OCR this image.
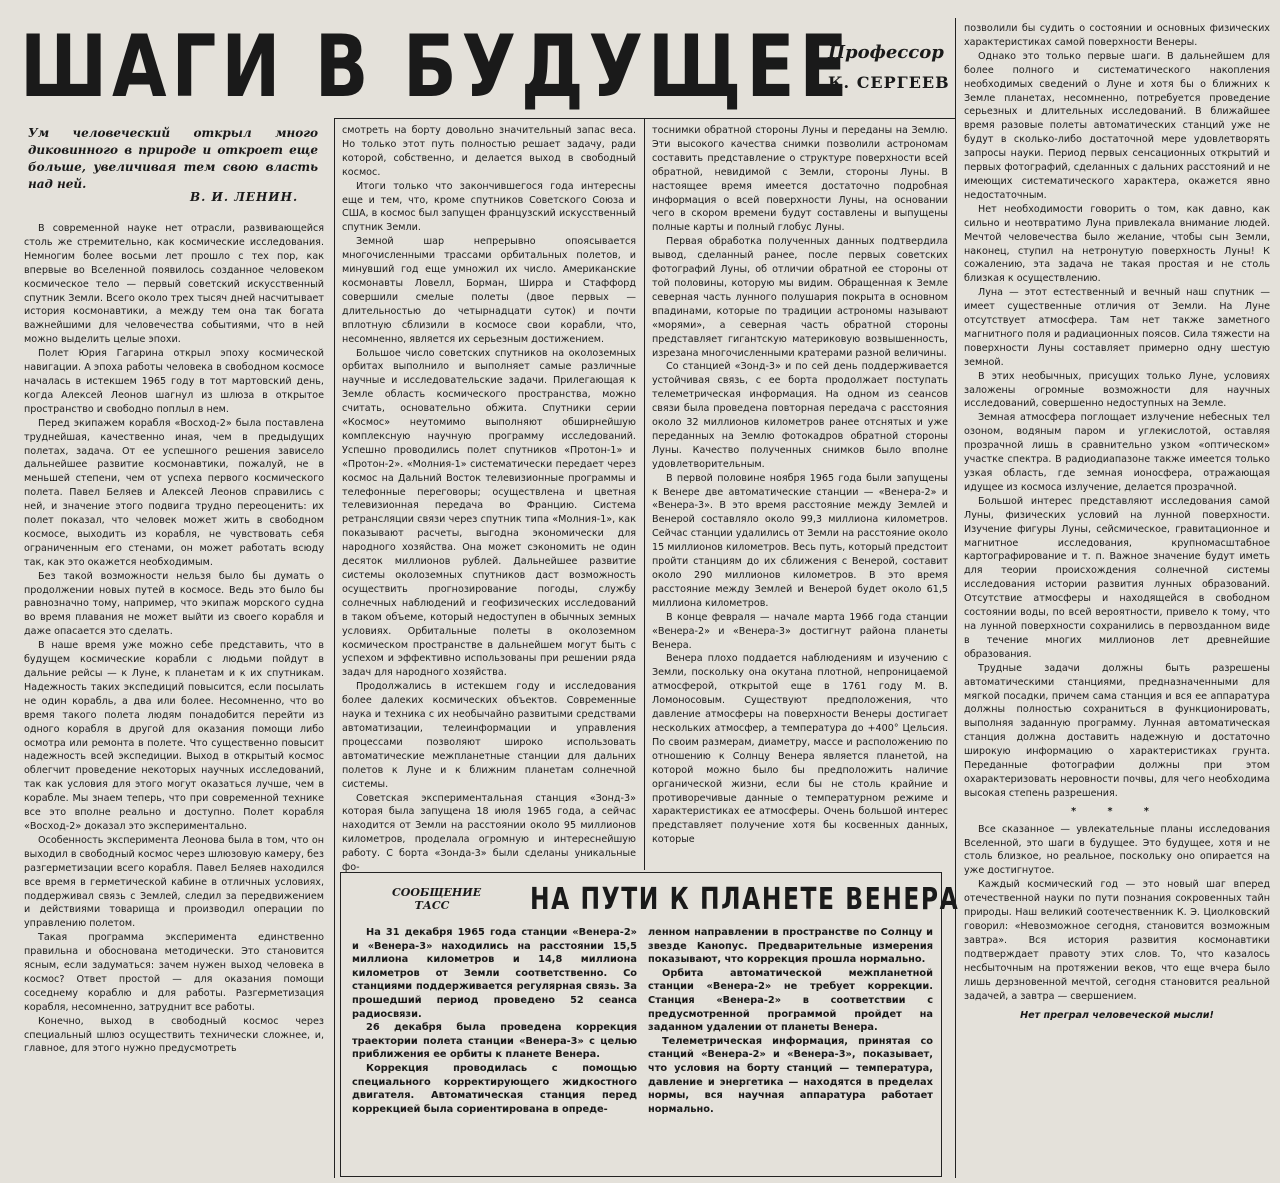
ШАГИ В БУДУЩЕЕ
Профессор
К. СЕРГЕЕВ
Ум человеческий открыл много диковинного в природе и откроет еще больше, увеличивая тем свою власть над ней.
В. И. ЛЕНИН.

В современной науке нет отрасли, развивающейся столь же стремительно, как космические исследования. Немногим более восьми лет прошло с тех пор, как впервые во Вселенной появилось созданное человеком космическое тело — первый советский искусственный спутник Земли. Всего около трех тысяч дней насчитывает история космонавтики, а между тем она так богата важнейшими для человечества событиями, что в ней можно выделить целые эпохи.

Полет Юрия Гагарина открыл эпоху космической навигации. А эпоха работы человека в свободном космосе началась в истекшем 1965 году в тот мартовский день, когда Алексей Леонов шагнул из шлюза в открытое пространство и свободно поплыл в нем.

Перед экипажем корабля «Восход-2» была поставлена труднейшая, качественно иная, чем в предыдущих полетах, задача. От ее успешного решения зависело дальнейшее развитие космонавтики, пожалуй, не в меньшей степени, чем от успеха первого космического полета. Павел Беляев и Алексей Леонов справились с ней, и значение этого подвига трудно переоценить: их полет показал, что человек может жить в свободном космосе, выходить из корабля, не чувствовать себя ограниченным его стенами, он может работать всюду так, как это окажется необходимым.

Без такой возможности нельзя было бы думать о продолжении новых путей в космосе. Ведь это было бы равнозначно тому, например, что экипаж морского судна во время плавания не может выйти из своего корабля и даже опасается это сделать.

В наше время уже можно себе представить, что в будущем космические корабли с людьми пойдут в дальние рейсы — к Луне, к планетам и к их спутникам. Надежность таких экспедиций повысится, если посылать не один корабль, а два или более. Несомненно, что во время такого полета людям понадобится перейти из одного корабля в другой для оказания помощи либо осмотра или ремонта в полете. Что существенно повысит надежность всей экспедиции. Выход в открытый космос облегчит проведение некоторых научных исследований, так как условия для этого могут оказаться лучше, чем в корабле. Мы знаем теперь, что при современной технике все это вполне реально и доступно. Полет корабля «Восход-2» доказал это экспериментально.

Особенность эксперимента Леонова была в том, что он выходил в свободный космос через шлюзовую камеру, без разгерметизации всего корабля. Павел Беляев находился все время в герметической кабине в отличных условиях, поддерживал связь с Землей, следил за передвижением и действиями товарища и производил операции по управлению полетом.

Такая программа эксперимента единственно правильна и обоснована методически. Это становится ясным, если задуматься: зачем нужен выход человека в космос? Ответ простой — для оказания помощи соседнему кораблю и для работы. Разгерметизация корабля, несомненно, затруднит все работы.

Конечно, выход в свободный космос через специальный шлюз осуществить технически сложнее, и, главное, для этого нужно предусмотреть

смотреть на борту довольно значительный запас веса. Но только этот путь полностью решает задачу, ради которой, собственно, и делается выход в свободный космос.

Итоги только что закончившегося года интересны еще и тем, что, кроме спутников Советского Союза и США, в космос был запущен французский искусственный спутник Земли.

Земной шар непрерывно опоясывается многочисленными трассами орбитальных полетов, и минувший год еще умножил их число. Американские космонавты Ловелл, Борман, Ширра и Стаффорд совершили смелые полеты (двое первых — длительностью до четырнадцати суток) и почти вплотную сблизили в космосе свои корабли, что, несомненно, является их серьезным достижением.

Большое число советских спутников на околоземных орбитах выполнило и выполняет самые различные научные и исследовательские задачи. Прилегающая к Земле область космического пространства, можно считать, основательно обжита. Спутники серии «Космос» неутомимо выполняют обширнейшую комплексную научную программу исследований. Успешно проводились полет спутников «Протон-1» и «Протон-2». «Молния-1» систематически передает через космос на Дальний Восток телевизионные программы и телефонные переговоры; осуществлена и цветная телевизионная передача во Францию. Система ретрансляции связи через спутник типа «Молния-1», как показывают расчеты, выгодна экономически для народного хозяйства. Она может сэкономить не один десяток миллионов рублей. Дальнейшее развитие системы околоземных спутников даст возможность осуществить прогнозирование погоды, службу солнечных наблюдений и геофизических исследований в таком объеме, который недоступен в обычных земных условиях. Орбитальные полеты в околоземном космическом пространстве в дальнейшем могут быть с успехом и эффективно использованы при решении ряда задач для народного хозяйства.

Продолжались в истекшем году и исследования более далеких космических объектов. Современные наука и техника с их необычайно развитыми средствами автоматизации, телеинформации и управления процессами позволяют широко использовать автоматические межпланетные станции для дальних полетов к Луне и к ближним планетам солнечной системы.

Советская экспериментальная станция «Зонд-3» которая была запущена 18 июля 1965 года, а сейчас находится от Земли на расстоянии около 95 миллионов километров, проделала огромную и интереснейшую работу. С борта «Зонда-3» были сделаны уникальные фо-

тоснимки обратной стороны Луны и переданы на Землю. Эти высокого качества снимки позволили астрономам составить представление о структуре поверхности всей обратной, невидимой с Земли, стороны Луны. В настоящее время имеется достаточно подробная информация о всей поверхности Луны, на основании чего в скором времени будут составлены и выпущены полные карты и полный глобус Луны.

Первая обработка полученных данных подтвердила вывод, сделанный ранее, после первых советских фотографий Луны, об отличии обратной ее стороны от той половины, которую мы видим. Обращенная к Земле северная часть лунного полушария покрыта в основном впадинами, которые по традиции астрономы называют «морями», а северная часть обратной стороны представляет гигантскую материковую возвышенность, изрезана многочисленными кратерами разной величины.

Со станцией «Зонд-3» и по сей день поддерживается устойчивая связь, с ее борта продолжает поступать телеметрическая информация. На одном из сеансов связи была проведена повторная передача с расстояния около 32 миллионов километров ранее отснятых и уже переданных на Землю фотокадров обратной стороны Луны. Качество полученных снимков было вполне удовлетворительным.

В первой половине ноября 1965 года были запущены к Венере две автоматические станции — «Венера-2» и «Венера-3». В это время расстояние между Землей и Венерой составляло около 99,3 миллиона километров. Сейчас станции удалились от Земли на расстояние около 15 миллионов километров. Весь путь, который предстоит пройти станциям до их сближения с Венерой, составит около 290 миллионов километров. В это время расстояние между Землей и Венерой будет около 61,5 миллиона километров.

В конце февраля — начале марта 1966 года станции «Венера-2» и «Венера-3» достигнут района планеты Венера.

Венера плохо поддается наблюдениям и изучению с Земли, поскольку она окутана плотной, непроницаемой атмосферой, открытой еще в 1761 году М. В. Ломоносовым. Существуют предположения, что давление атмосферы на поверхности Венеры достигает нескольких атмосфер, а температура до +400° Цельсия. По своим размерам, диаметру, массе и расположению по отношению к Солнцу Венера является планетой, на которой можно было бы предположить наличие органической жизни, если бы не столь крайние и противоречивые данные о температурном режиме и характеристиках ее атмосферы. Очень большой интерес представляет получение хотя бы косвенных данных, которые

позволили бы судить о состоянии и основных физических характеристиках самой поверхности Венеры.

Однако это только первые шаги. В дальнейшем для более полного и систематического накопления необходимых сведений о Луне и хотя бы о ближних к Земле планетах, несомненно, потребуется проведение серьезных и длительных исследований. В ближайшее время разовые полеты автоматических станций уже не будут в сколько-либо достаточной мере удовлетворять запросы науки. Период первых сенсационных открытий и первых фотографий, сделанных с дальних расстояний и не имеющих систематического характера, окажется явно недостаточным.

Нет необходимости говорить о том, как давно, как сильно и неотвратимо Луна привлекала внимание людей. Мечтой человечества было желание, чтобы сын Земли, наконец, ступил на нетронутую поверхность Луны! К сожалению, эта задача не такая простая и не столь близкая к осуществлению.

Луна — этот естественный и вечный наш спутник — имеет существенные отличия от Земли. На Луне отсутствует атмосфера. Там нет также заметного магнитного поля и радиационных поясов. Сила тяжести на поверхности Луны составляет примерно одну шестую земной.

В этих необычных, присущих только Луне, условиях заложены огромные возможности для научных исследований, совершенно недоступных на Земле.

Земная атмосфера поглощает излучение небесных тел озоном, водяным паром и углекислотой, оставляя прозрачной лишь в сравнительно узком «оптическом» участке спектра. В радиодиапазоне также имеется только узкая область, где земная ионосфера, отражающая идущее из космоса излучение, делается прозрачной.

Большой интерес представляют исследования самой Луны, физических условий на лунной поверхности. Изучение фигуры Луны, сейсмическое, гравитационное и магнитное исследования, крупномасштабное картографирование и т. п. Важное значение будут иметь для теории происхождения солнечной системы исследования истории развития лунных образований. Отсутствие атмосферы и находящейся в свободном состоянии воды, по всей вероятности, привело к тому, что на лунной поверхности сохранились в первозданном виде в течение многих миллионов лет древнейшие образования.

Трудные задачи должны быть разрешены автоматическими станциями, предназначенными для мягкой посадки, причем сама станция и вся ее аппаратура должны полностью сохраниться в функционировать, выполняя заданную программу. Лунная автоматическая станция должна доставить надежную и достаточно широкую информацию о характеристиках грунта. Переданные фотографии должны при этом охарактеризовать неровности почвы, для чего необходима высокая степень разрешения.

* * *

Все сказанное — увлекательные планы исследования Вселенной, это шаги в будущее. Это будущее, хотя и не столь близкое, но реальное, поскольку оно опирается на уже достигнутое.

Каждый космический год — это новый шаг вперед отечественной науки по пути познания сокровенных тайн природы. Наш великий соотечественник К. Э. Циолковский говорил: «Невозможное сегодня, становится возможным завтра». Вся история развития космонавтики подтверждает правоту этих слов. То, что казалось несбыточным на протяжении веков, что еще вчера было лишь дерзновенной мечтой, сегодня становится реальной задачей, а завтра — свершением.

Нет преграл человеческой мысли!
СООБЩЕНИЕ ТАСС	НА ПУТИ К ПЛАНЕТЕ ВЕНЕРА

На 31 декабря 1965 года станции «Венера-2» и «Венера-3» находились на расстоянии 15,5 миллиона километров и 14,8 миллиона километров от Земли соответственно. Со станциями поддерживается регулярная связь. За прошедший период проведено 52 сеанса радиосвязи.

26 декабря была проведена коррекция траектории полета станции «Венера-3» с целью приближения ее орбиты к планете Венера.

Коррекция проводилась с помощью специального корректирующего жидкостного двигателя. Автоматическая станция перед коррекцией была сориентирована в опреде-

ленном направлении в пространстве по Солнцу и звезде Канопус. Предварительные измерения показывают, что коррекция прошла нормально.

Орбита автоматической межпланетной станции «Венера-2» не требует коррекции. Станция «Венера-2» в соответствии с предусмотренной программой пройдет на заданном удалении от планеты Венера.

Телеметрическая информация, принятая со станций «Венера-2» и «Венера-3», показывает, что условия на борту станций — температура, давление и энергетика — находятся в пределах нормы, вся научная аппаратура работает нормально.
